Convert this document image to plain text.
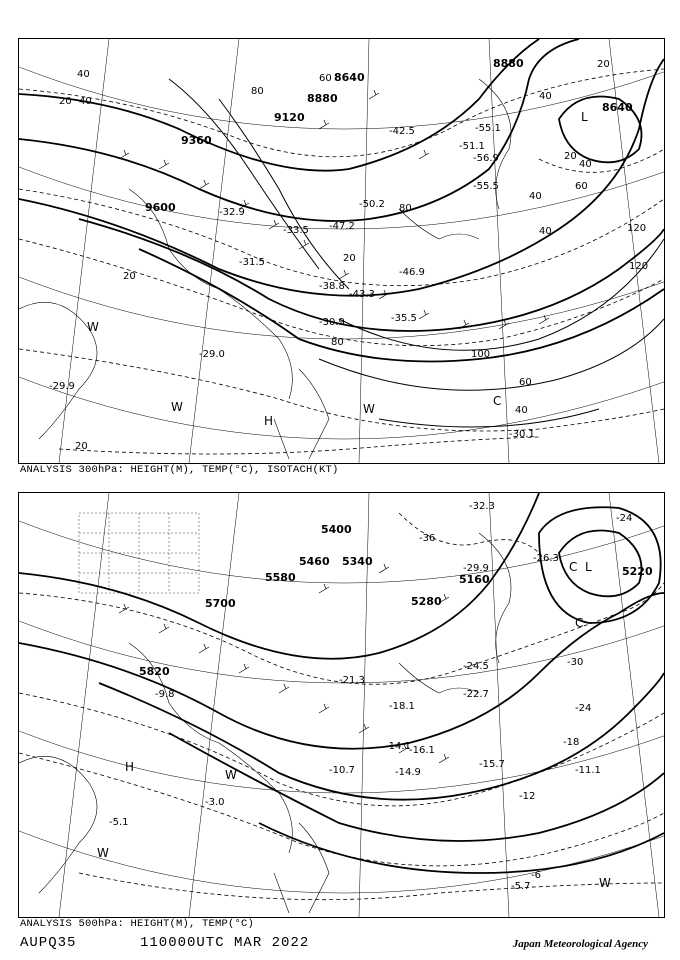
8640
8880
8640
9120
9360
9600
8880
20 40
80
60
20
40
80
40
120
40
60
20
40
20
80
100
60
40
20
20
40
120
-29.0
-29.9
-30.1
-30.9
-31.5
-32.9
-33.5
-35.5
-38.8
-42.5
-43.3
-46.9
-47.2
-50.2
-51.1
-55.1
-55.5
-56.9
L
H
W
W	W
C
ANALYSIS 300hPa: HEIGHT(M), TEMP(°C), ISOTACH(KT)
5340
5220
5460
5580
5700
5820
5400
5280
5160
-24
-30
-36
-24
-18
-12
-6
-3.0
-5.1
-5.7
-9.8
-10.7	-11.1
-14.1
-14.9
-15.7
-16.1
-18.1
-21.3
-22.7
-24.5
-26.3
-29.9
-32.3
L
C
C
H
W
W
W
ANALYSIS 500hPa: HEIGHT(M), TEMP(°C)
AUPQ35	110000UTC MAR 2022	Japan Meteorological Agency
